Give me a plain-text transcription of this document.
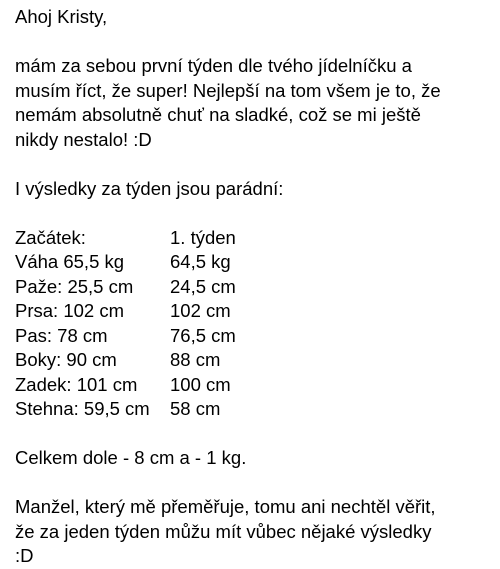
Ahoj Kristy,
mám za sebou první týden dle tvého jídelníčku a
musím říct, že super! Nejlepší na tom všem je to, že
nemám absolutně chuť na sladké, což se mi ještě
nikdy nestalo! :D
I výsledky za týden jsou parádní:
Začátek:	1. týden
Váha 65,5 kg	64,5 kg
Paže: 25,5 cm	24,5 cm
Prsa: 102 cm	102 cm
Pas: 78 cm	76,5 cm
Boky: 90 cm	88 cm
Zadek: 101 cm	100 cm
Stehna: 59,5 cm	58 cm
Celkem dole - 8 cm a - 1 kg.
Manžel, který mě přeměřuje, tomu ani nechtěl věřit,
že za jeden týden můžu mít vůbec nějaké výsledky
:D
